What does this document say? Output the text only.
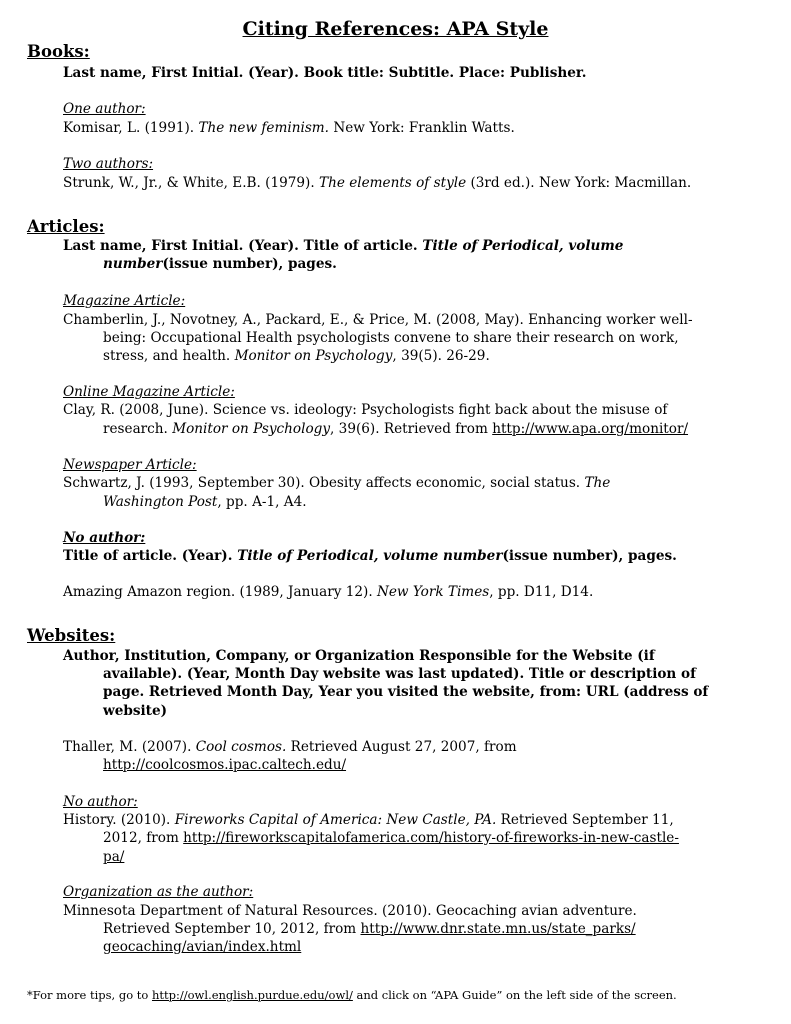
Citing References: APA Style
Books:
Last name, First Initial. (Year). Book title: Subtitle. Place: Publisher.
One author:
Komisar, L. (1991). The new feminism. New York: Franklin Watts.
Two authors:
Strunk, W., Jr., & White, E.B. (1979). The elements of style (3rd ed.). New York: Macmillan.
Articles:
Last name, First Initial. (Year). Title of article. Title of Periodical, volume
number(issue number), pages.
Magazine Article:
Chamberlin, J., Novotney, A., Packard, E., & Price, M. (2008, May). Enhancing worker well-
being: Occupational Health psychologists convene to share their research on work,
stress, and health. Monitor on Psychology, 39(5). 26-29.
Online Magazine Article:
Clay, R. (2008, June). Science vs. ideology: Psychologists fight back about the misuse of
research. Monitor on Psychology, 39(6). Retrieved from http://www.apa.org/monitor/
Newspaper Article:
Schwartz, J. (1993, September 30). Obesity affects economic, social status. The
Washington Post, pp. A-1, A4.
No author:
Title of article. (Year). Title of Periodical, volume number(issue number), pages.
Amazing Amazon region. (1989, January 12). New York Times, pp. D11, D14.
Websites:
Author, Institution, Company, or Organization Responsible for the Website (if
available). (Year, Month Day website was last updated). Title or description of
page. Retrieved Month Day, Year you visited the website, from: URL (address of
website)
Thaller, M. (2007). Cool cosmos. Retrieved August 27, 2007, from
http://coolcosmos.ipac.caltech.edu/
No author:
History. (2010). Fireworks Capital of America: New Castle, PA. Retrieved September 11,
2012, from http://fireworkscapitalofamerica.com/history-of-fireworks-in-new-castle-
pa/
Organization as the author:
Minnesota Department of Natural Resources. (2010). Geocaching avian adventure.
Retrieved September 10, 2012, from http://www.dnr.state.mn.us/state_parks/
geocaching/avian/index.html
*For more tips, go to http://owl.english.purdue.edu/owl/ and click on “APA Guide” on the left side of the screen.
